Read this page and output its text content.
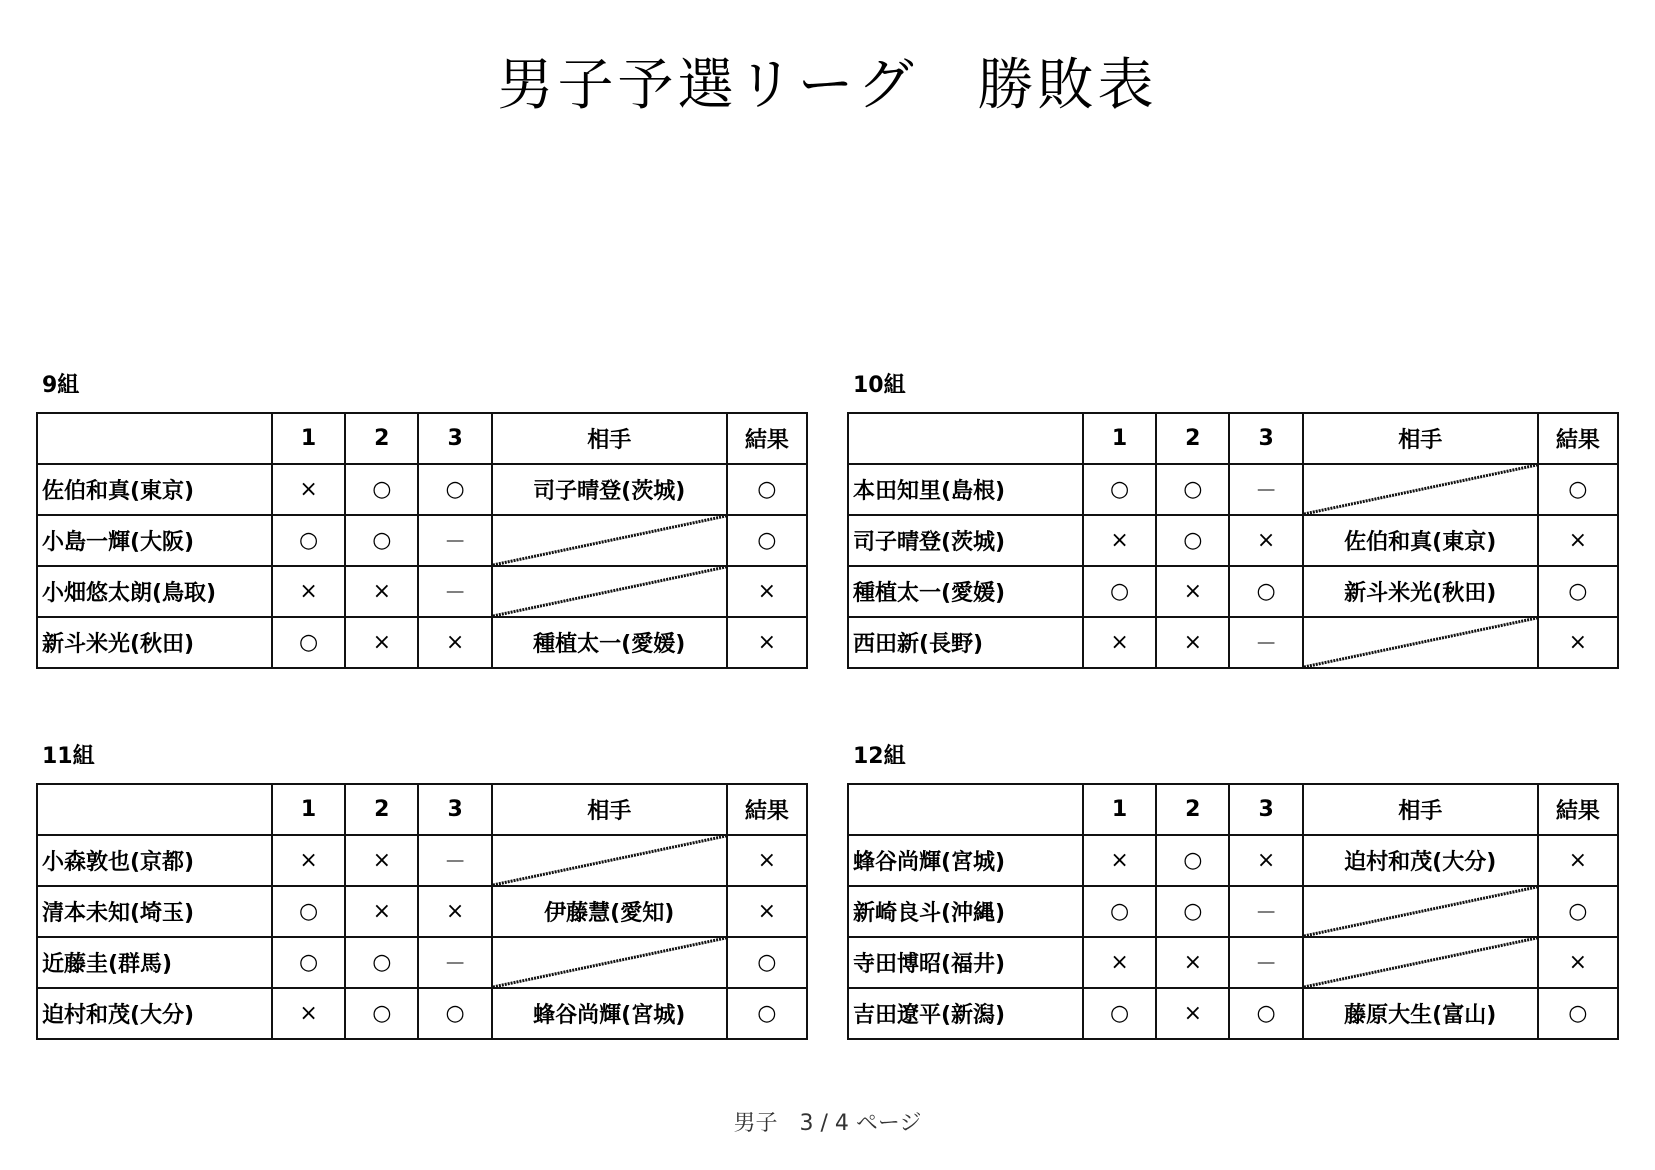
男子予選リーグ　勝敗表
9組
	1	2	3	相手	結果
佐伯和真(東京)	×	○	○	司子晴登(茨城)	○
小島一輝(大阪)	○	○	－		○
小畑悠太朗(鳥取)	×	×	－		×
新斗米光(秋田)	○	×	×	種植太一(愛媛)	×
10組
	1	2	3	相手	結果
本田知里(島根)	○	○	－		○
司子晴登(茨城)	×	○	×	佐伯和真(東京)	×
種植太一(愛媛)	○	×	○	新斗米光(秋田)	○
西田新(長野)	×	×	－		×
11組
	1	2	3	相手	結果
小森敦也(京都)	×	×	－		×
清本未知(埼玉)	○	×	×	伊藤慧(愛知)	×
近藤圭(群馬)	○	○	－		○
迫村和茂(大分)	×	○	○	蜂谷尚輝(宮城)	○
12組
	1	2	3	相手	結果
蜂谷尚輝(宮城)	×	○	×	迫村和茂(大分)	×
新崎良斗(沖縄)	○	○	－		○
寺田博昭(福井)	×	×	－		×
吉田遼平(新潟)	○	×	○	藤原大生(富山)	○
男子　 3 / 4 ページ
